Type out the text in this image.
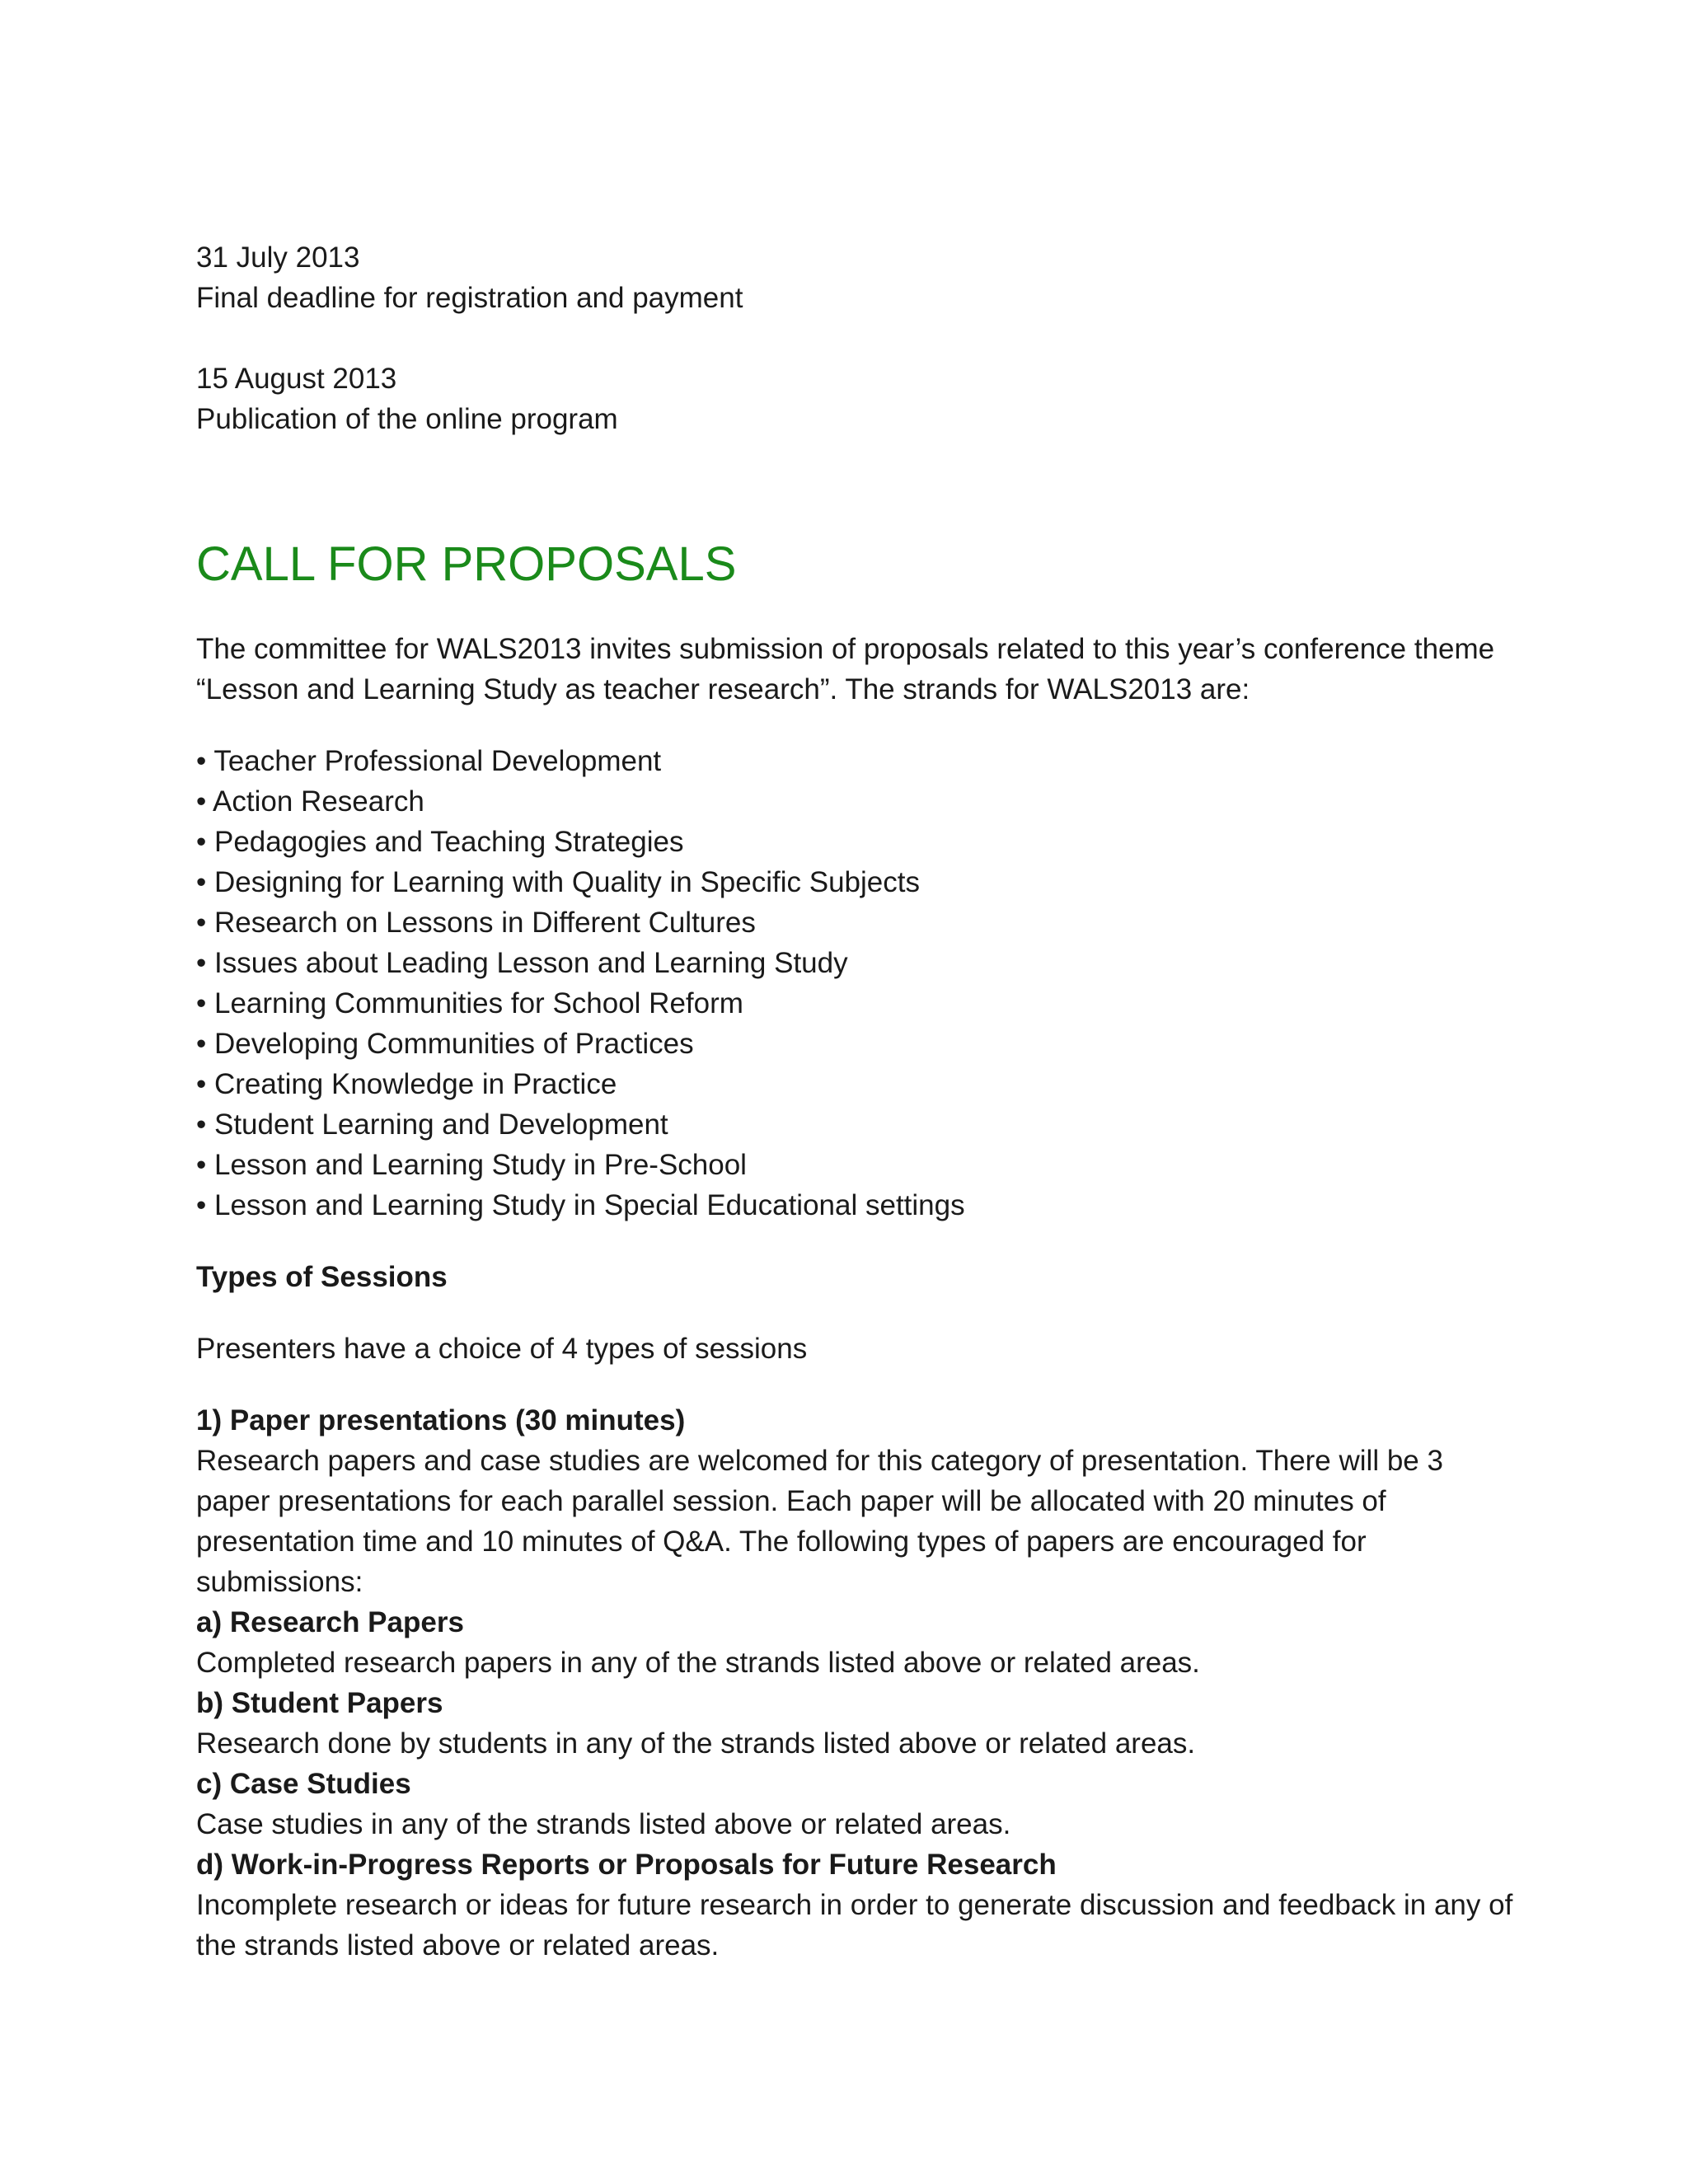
31 July 2013
Final deadline for registration and payment
15 August 2013
Publication of the online program
CALL FOR PROPOSALS

The committee for WALS2013 invites submission of proposals related to this year’s conference theme “Lesson and Learning Study as teacher research”. The strands for WALS2013 are:

• Teacher Professional Development
• Action Research
• Pedagogies and Teaching Strategies
• Designing for Learning with Quality in Specific Subjects
• Research on Lessons in Different Cultures
• Issues about Leading Lesson and Learning Study
• Learning Communities for School Reform
• Developing Communities of Practices
• Creating Knowledge in Practice
• Student Learning and Development
• Lesson and Learning Study in Pre-School
• Lesson and Learning Study in Special Educational settings
Types of Sessions
Presenters have a choice of 4 types of sessions
1) Paper presentations (30 minutes)

Research papers and case studies are welcomed for this category of presentation. There will be 3 paper presentations for each parallel session. Each paper will be allocated with 20 minutes of presentation time and 10 minutes of Q&A. The following types of papers are encouraged for submissions:

a) Research Papers
Completed research papers in any of the strands listed above or related areas.
b) Student Papers
Research done by students in any of the strands listed above or related areas.
c) Case Studies
Case studies in any of the strands listed above or related areas.
d) Work-in-Progress Reports or Proposals for Future Research

Incomplete research or ideas for future research in order to generate discussion and feedback in any of the strands listed above or related areas.
